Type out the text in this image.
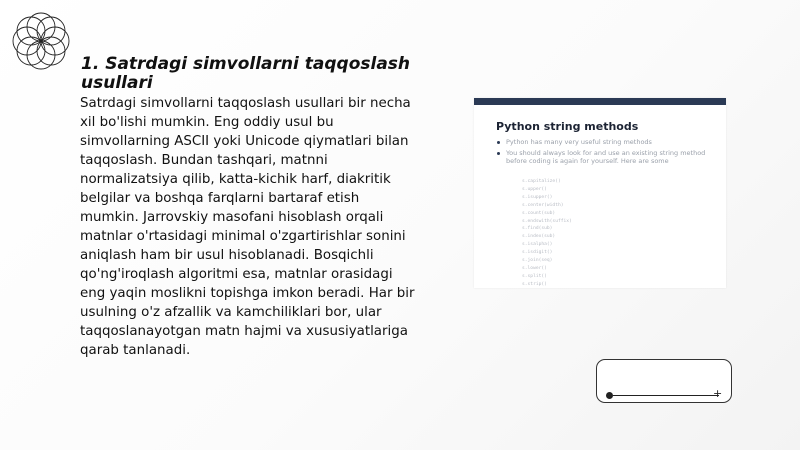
1. Satrdagi simvollarni taqqoslash usullari
Satrdagi simvollarni taqqoslash usullari bir necha xil bo'lishi mumkin. Eng oddiy usul bu simvollarning ASCII yoki Unicode qiymatlari bilan taqqoslash. Bundan tashqari, matnni normalizatsiya qilib, katta-kichik harf, diakritik belgilar va boshqa farqlarni bartaraf etish mumkin. Jarrovskiy masofani hisoblash orqali matnlar o'rtasidagi minimal o'zgartirishlar sonini aniqlash ham bir usul hisoblanadi. Bosqichli qo'ng'iroqlash algoritmi esa, matnlar orasidagi eng yaqin moslikni topishga imkon beradi. Har bir usulning o'z afzallik va kamchiliklari bor, ular taqqoslanayotgan matn hajmi va xususiyatlariga qarab tanlanadi.
Python string methods
Python has many very useful string methods
You should always look for and use an existing string method before coding is again for yourself. Here are some
s.capitalize()
s.upper()
s.isupper()
s.center(width)
s.count(sub)
s.endswith(suffix)
s.find(sub)
s.index(sub)
s.isalpha()
s.isdigit()
s.join(seq)
s.lower()
s.split()
s.strip()
+
